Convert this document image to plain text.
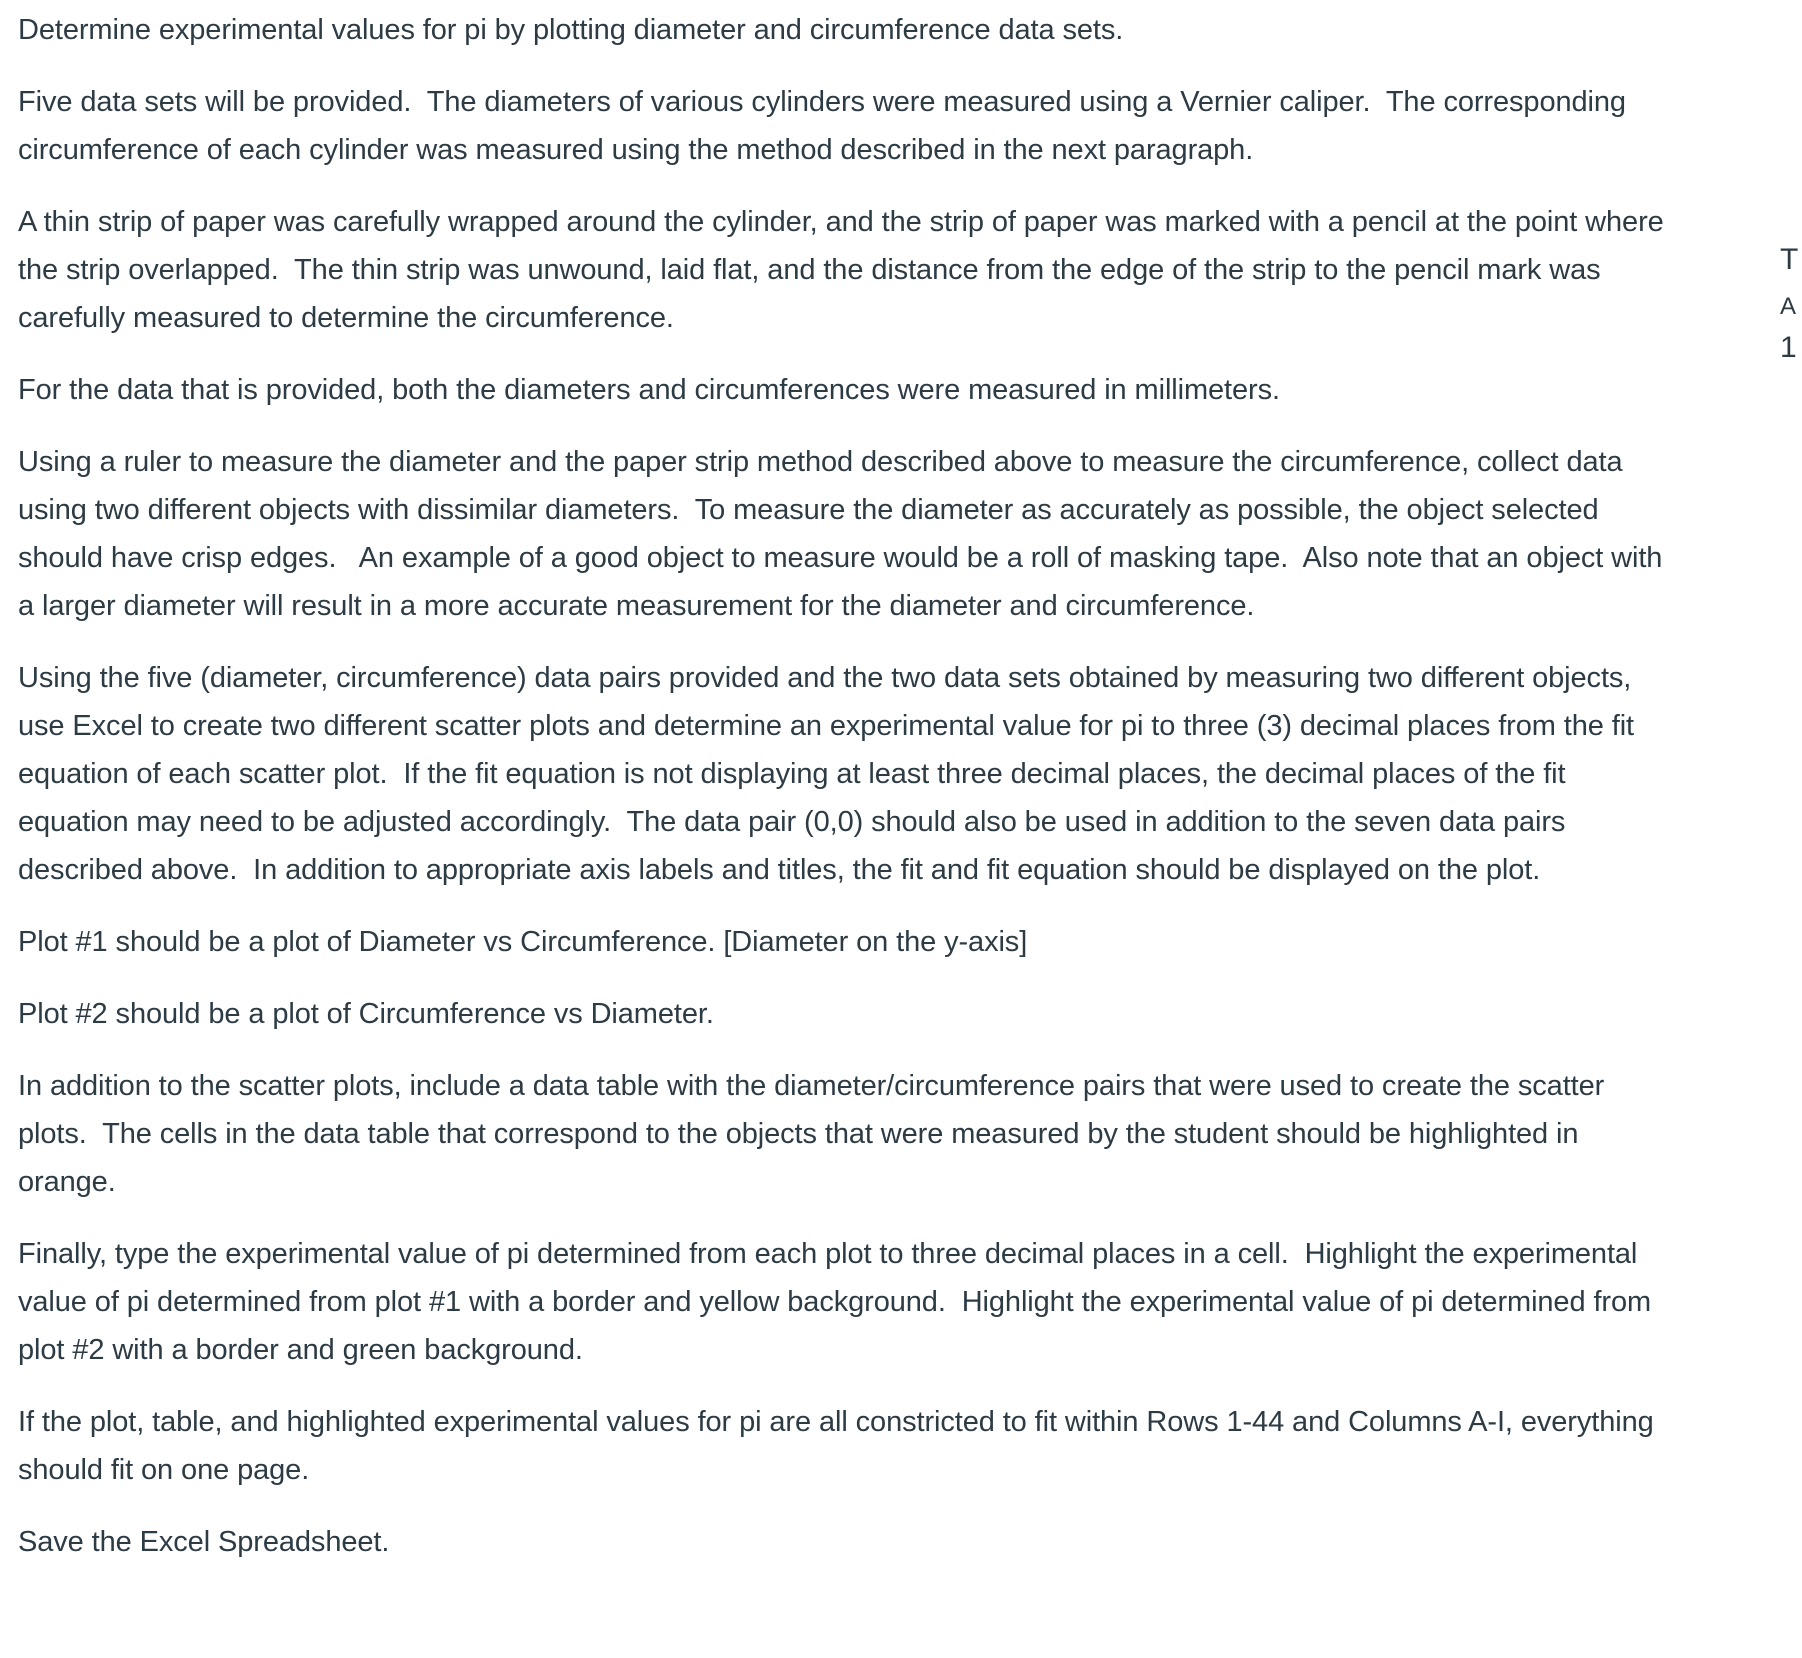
Determine experimental values for pi by plotting diameter and circumference data sets.

Five data sets will be provided.  The diameters of various cylinders were measured using a Vernier caliper.  The corresponding circumference of each cylinder was measured using the method described in the next paragraph.

A thin strip of paper was carefully wrapped around the cylinder, and the strip of paper was marked with a pencil at the point where the strip overlapped.  The thin strip was unwound, laid flat, and the distance from the edge of the strip to the pencil mark was carefully measured to determine the circumference.

For the data that is provided, both the diameters and circumferences were measured in millimeters.

Using a ruler to measure the diameter and the paper strip method described above to measure the circumference, collect data using two different objects with dissimilar diameters.  To measure the diameter as accurately as possible, the object selected should have crisp edges.   An example of a good object to measure would be a roll of masking tape.  Also note that an object with a larger diameter will result in a more accurate measurement for the diameter and circumference.

Using the five (diameter, circumference) data pairs provided and the two data sets obtained by measuring two different objects, use Excel to create two different scatter plots and determine an experimental value for pi to three (3) decimal places from the fit equation of each scatter plot.  If the fit equation is not displaying at least three decimal places, the decimal places of the fit equation may need to be adjusted accordingly.  The data pair (0,0) should also be used in addition to the seven data pairs described above.  In addition to appropriate axis labels and titles, the fit and fit equation should be displayed on the plot.

Plot #1 should be a plot of Diameter vs Circumference. [Diameter on the y-axis]

Plot #2 should be a plot of Circumference vs Diameter.

In addition to the scatter plots, include a data table with the diameter/circumference pairs that were used to create the scatter plots.  The cells in the data table that correspond to the objects that were measured by the student should be highlighted in orange.

Finally, type the experimental value of pi determined from each plot to three decimal places in a cell.  Highlight the experimental value of pi determined from plot #1 with a border and yellow background.  Highlight the experimental value of pi determined from plot #2 with a border and green background.

If the plot, table, and highlighted experimental values for pi are all constricted to fit within Rows 1-44 and Columns A-I, everything should fit on one page.

Save the Excel Spreadsheet.

T
A
1
